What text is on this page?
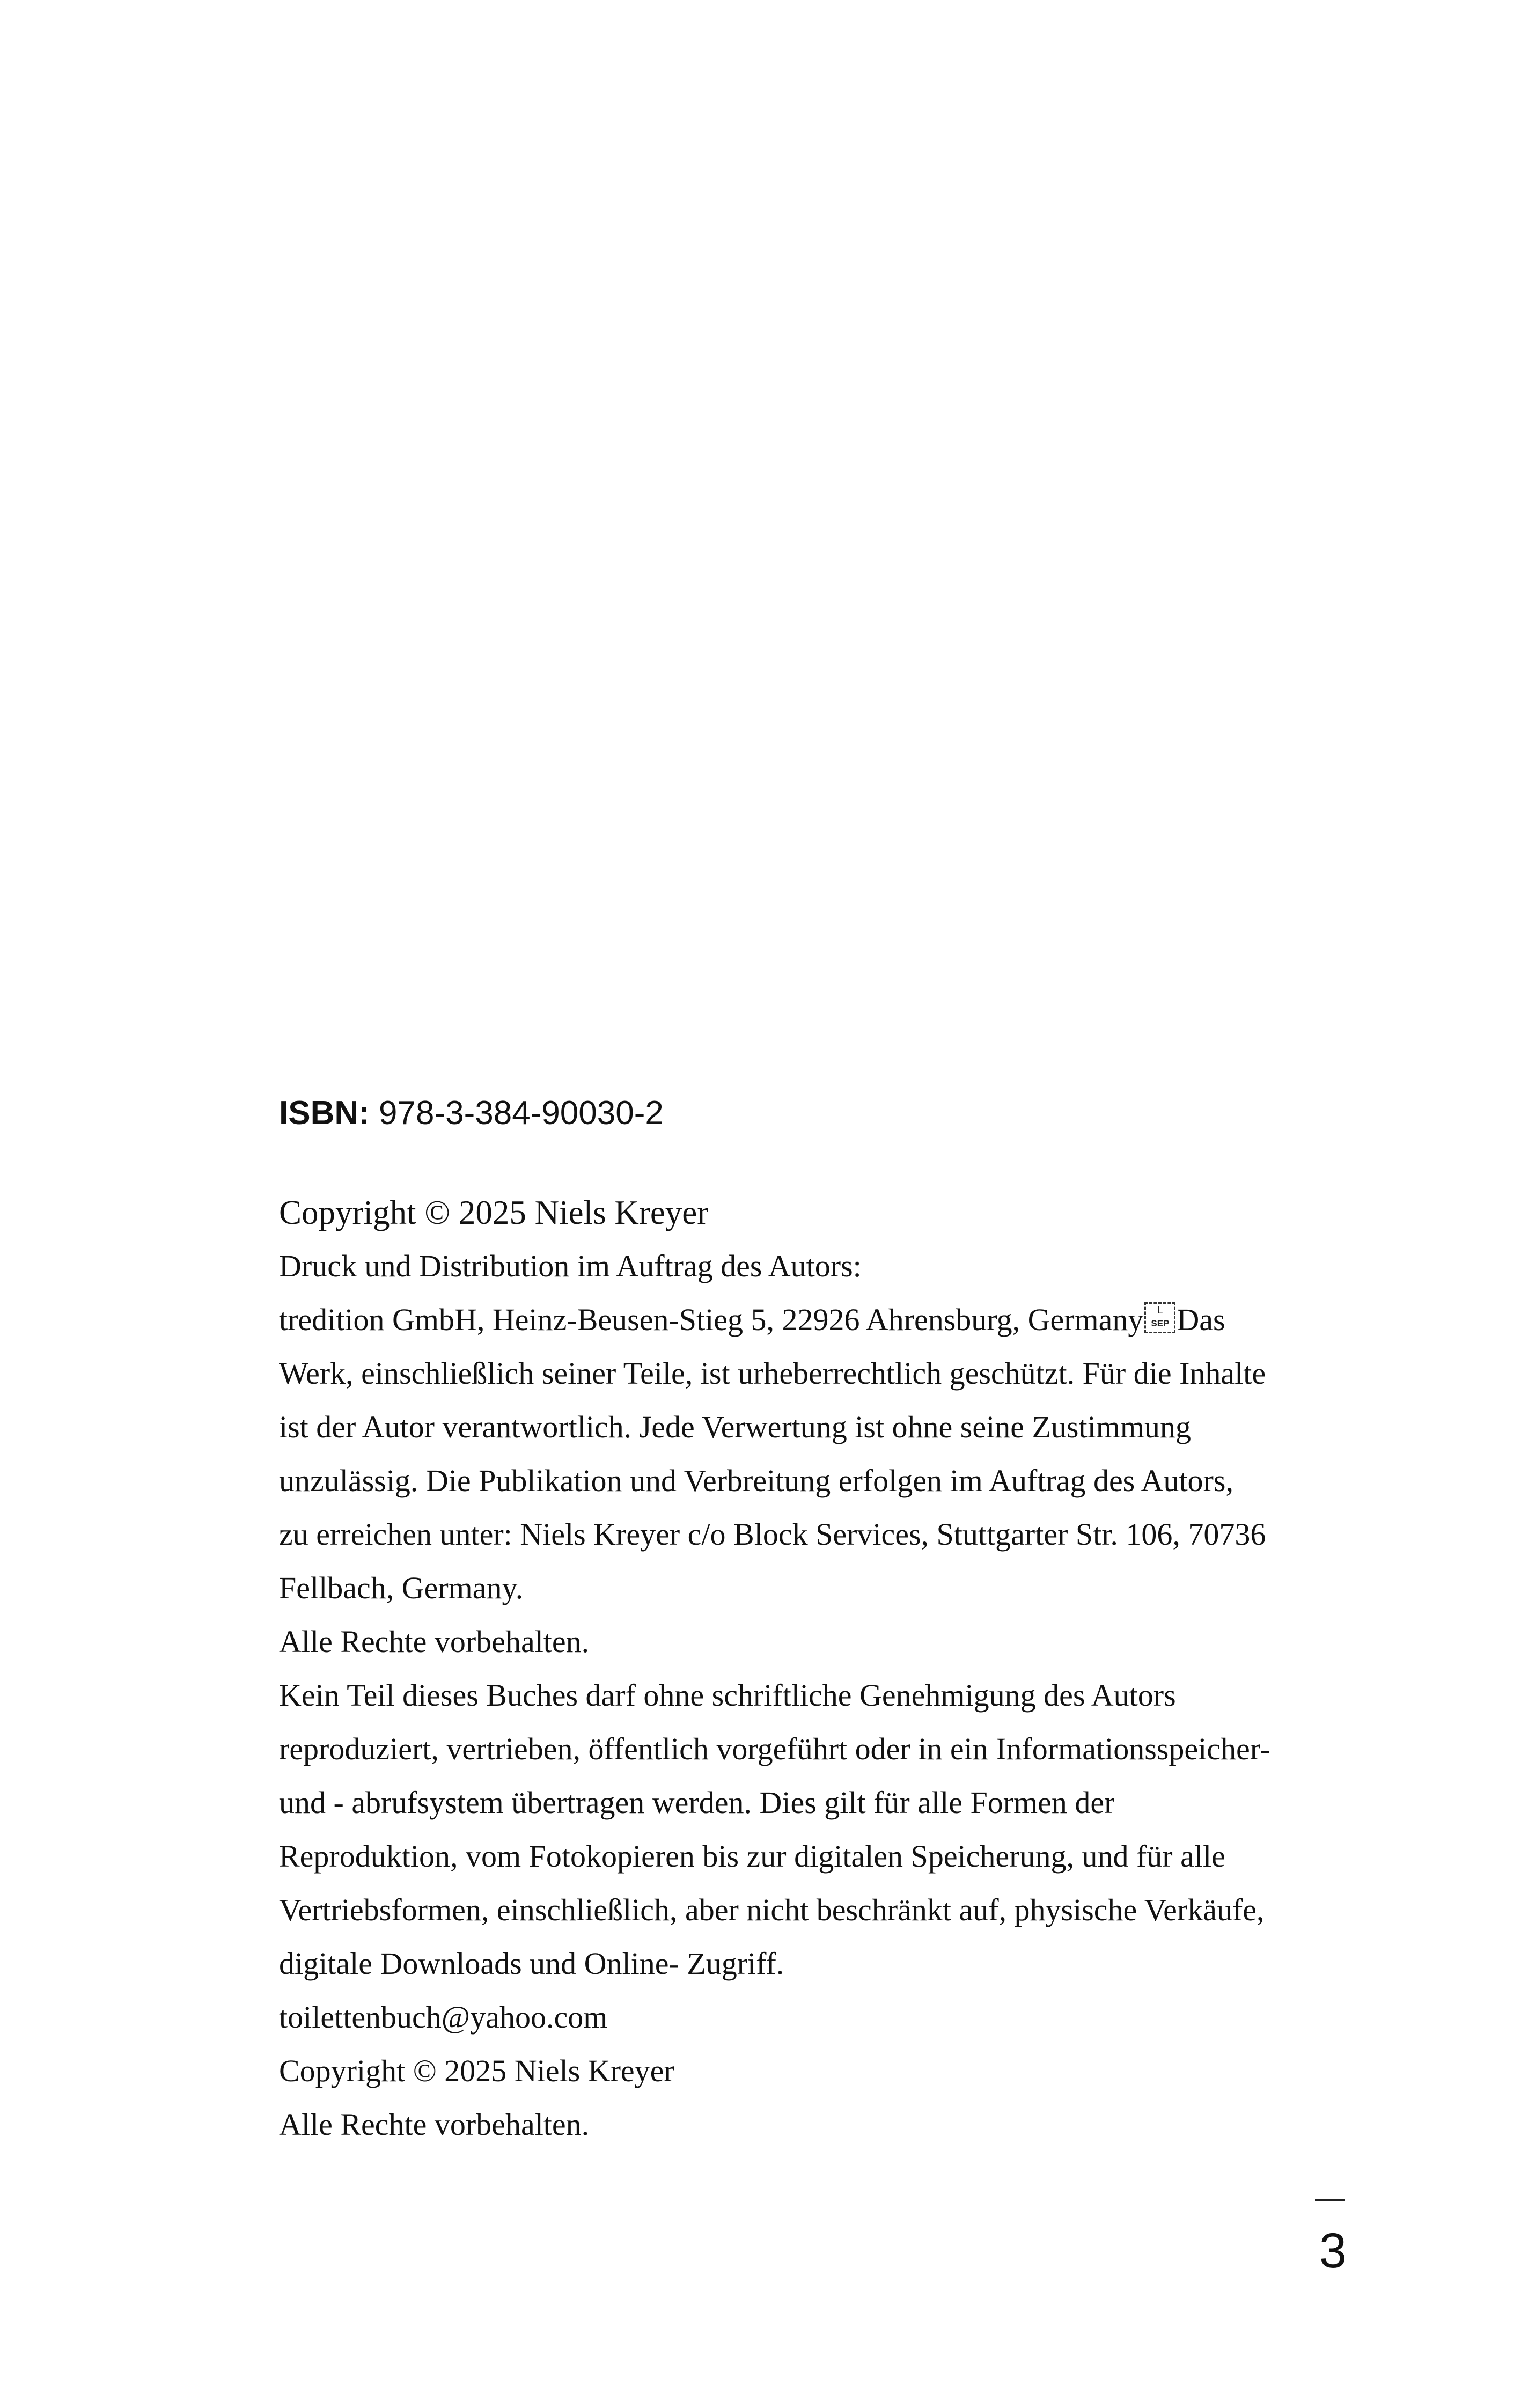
ISBN: 978-3-384-90030-2
Copyright © 2025 Niels Kreyer
Druck und Distribution im Auftrag des Autors:
tredition GmbH, Heinz-Beusen-Stieg 5, 22926 Ahrensburg, Germany	L
SEP Das
Werk, einschließlich seiner Teile, ist urheberrechtlich geschützt. Für die Inhalte
ist der Autor verantwortlich. Jede Verwertung ist ohne seine Zustimmung
unzulässig. Die Publikation und Verbreitung erfolgen im Auftrag des Autors,
zu erreichen unter: Niels Kreyer c/o Block Services, Stuttgarter Str. 106, 70736
Fellbach, Germany.
Alle Rechte vorbehalten.
Kein Teil dieses Buches darf ohne schriftliche Genehmigung des Autors
reproduziert, vertrieben, öffentlich vorgeführt oder in ein Informationsspeicher-
und - abrufsystem übertragen werden. Dies gilt für alle Formen der
Reproduktion, vom Fotokopieren bis zur digitalen Speicherung, und für alle
Vertriebsformen, einschließlich, aber nicht beschränkt auf, physische Verkäufe,
digitale Downloads und Online- Zugriff.
toilettenbuch@yahoo.com
Copyright © 2025 Niels Kreyer
Alle Rechte vorbehalten.
3
